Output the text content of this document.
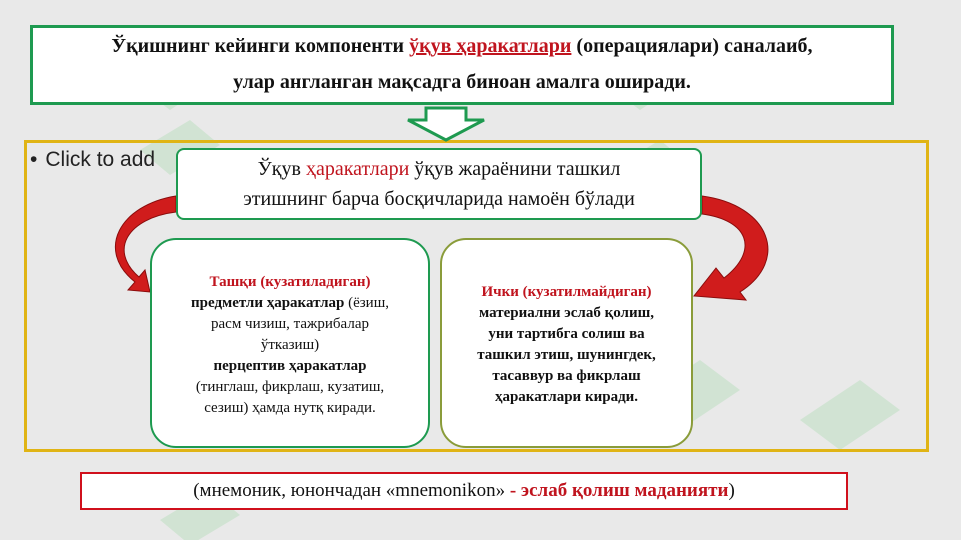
Ўқишнинг кейинги компоненти ўқув ҳаракатлари (операциялари) саналаиб,
улар англанган мақсадга биноан амалга оширади.
• Click to add	Ўқув ҳаракатлари ўқув жараёнини ташкил
этишнинг барча босқичларида намоён бўлади
Ташқи (кузатиладиган)
предметли ҳаракатлар (ёзиш,
расм чизиш, тажрибалар
ўтказиш)
перцептив ҳаракатлар
(тинглаш, фикрлаш, кузатиш,
сезиш) ҳамда нутқ киради.
Ички (кузатилмайдиган)
материални эслаб қолиш,
уни тартибга солиш ва
ташкил этиш, шунингдек,
тасаввур ва фикрлаш
ҳаракатлари киради.
(мнемоник, юнончадан «mnemonikon» - эслаб қолиш маданияти)
